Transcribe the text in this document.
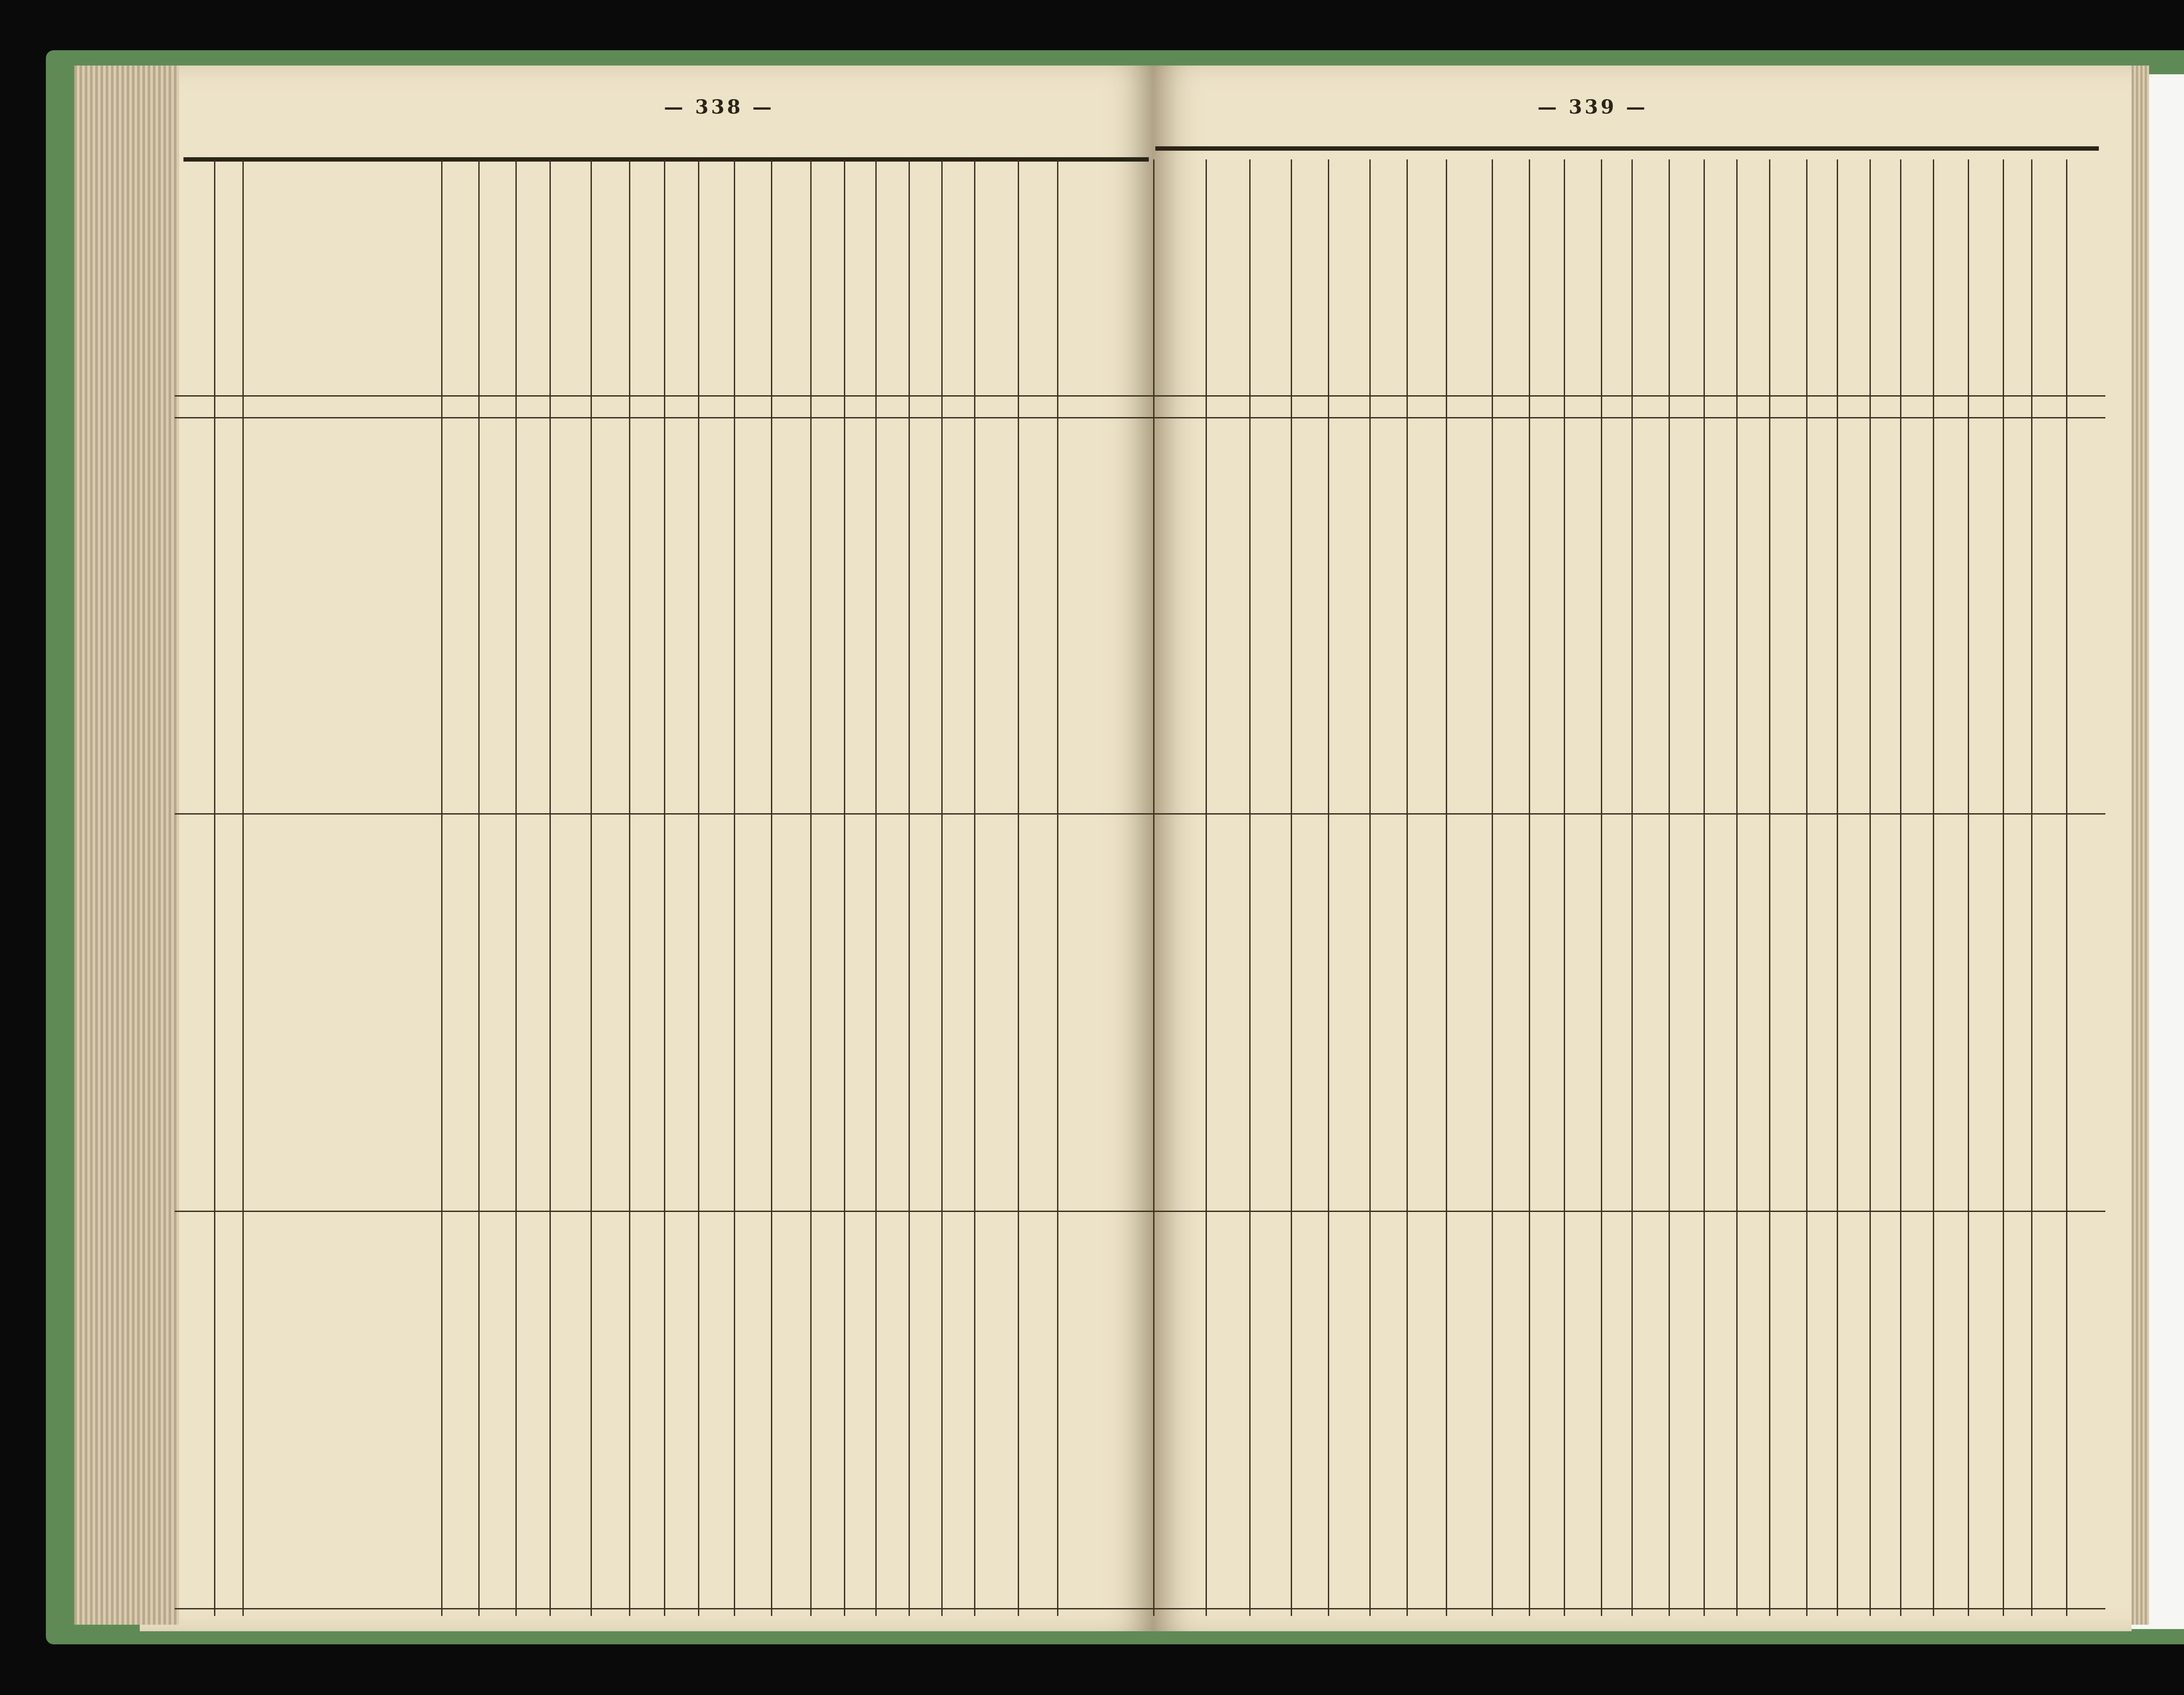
— 338 —	— 339 —
